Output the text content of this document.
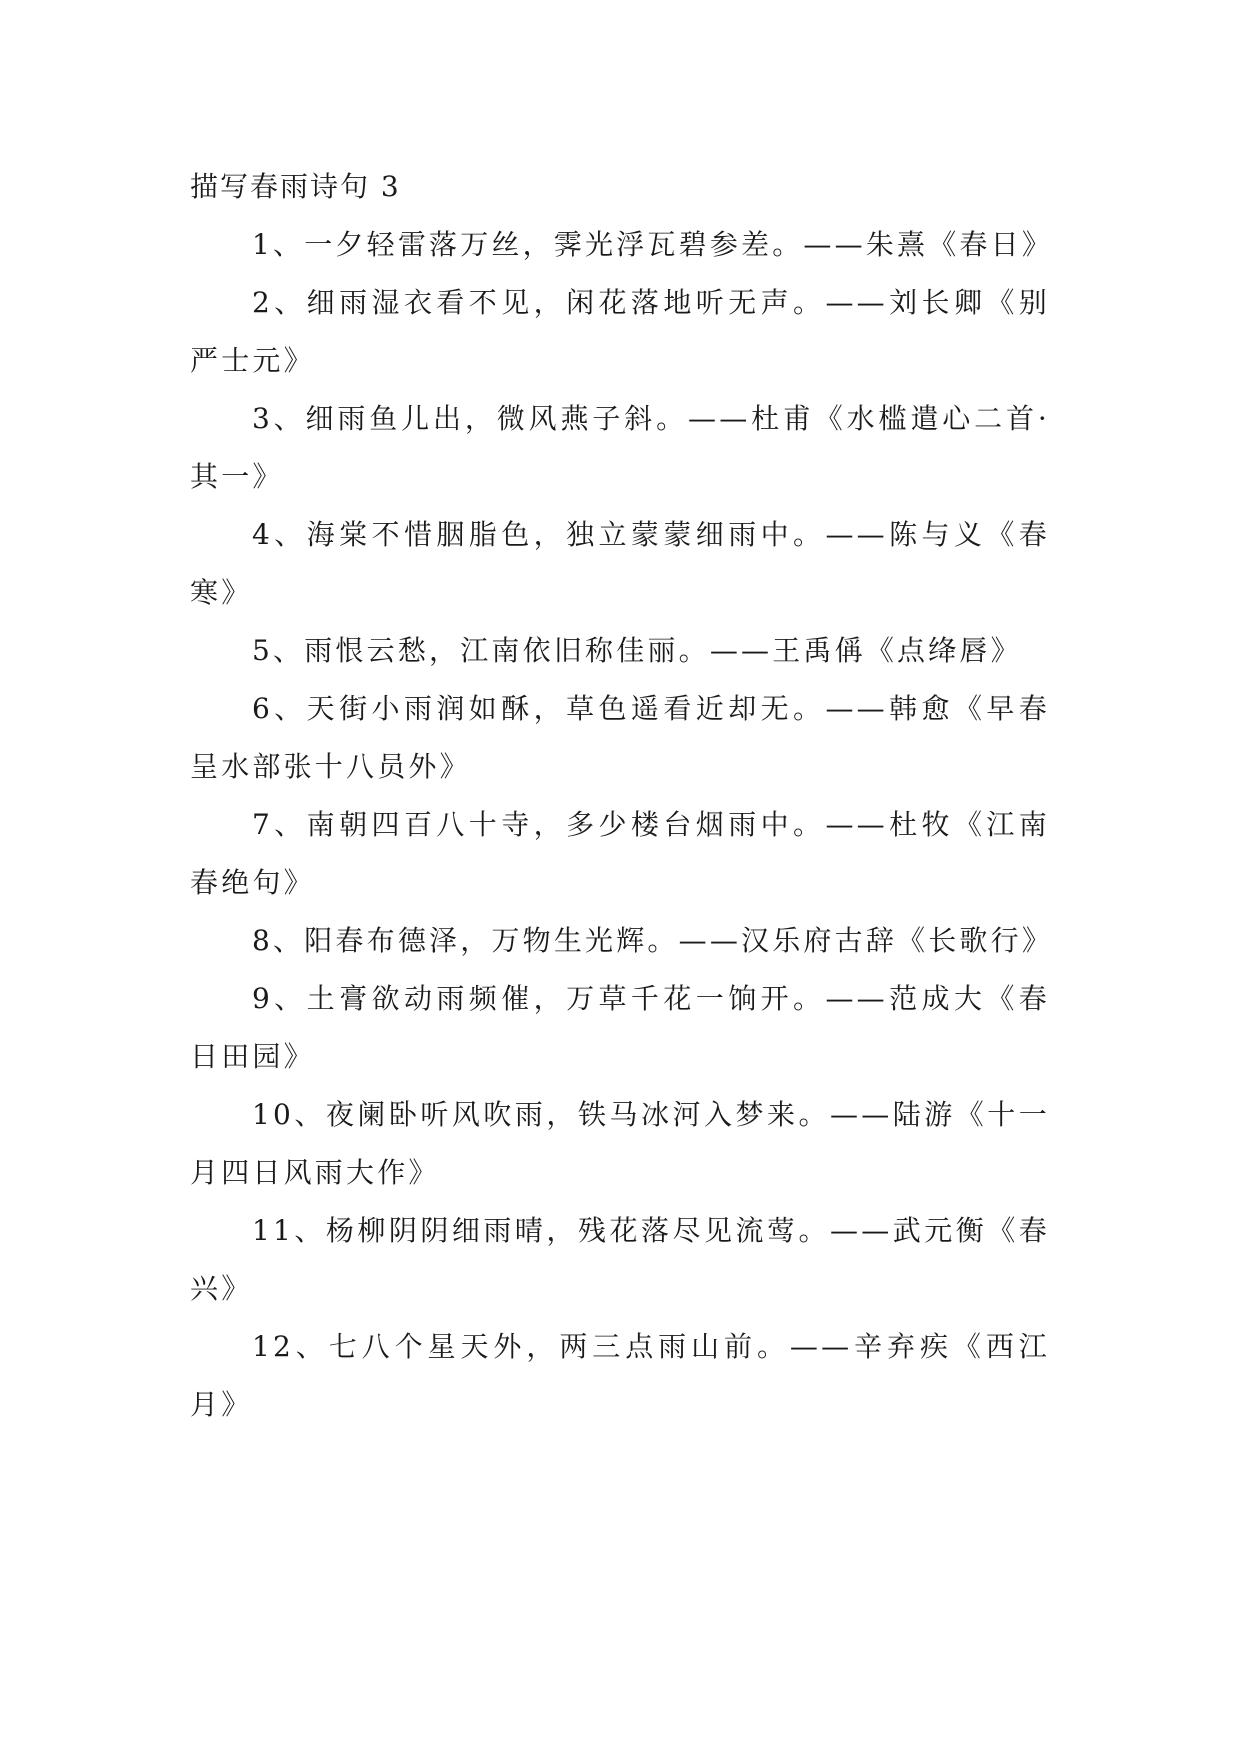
描写春雨诗句 3
1、一夕轻雷落万丝，霁光浮瓦碧参差。——朱熹《春日》
2、细雨湿衣看不见，闲花落地听无声。——刘长卿《别严士元》
3、细雨鱼儿出，微风燕子斜。——杜甫《水槛遣心二首·其一》
4、海棠不惜胭脂色，独立蒙蒙细雨中。——陈与义《春寒》
5、雨恨云愁，江南依旧称佳丽。——王禹偁《点绛唇》
6、天街小雨润如酥，草色遥看近却无。——韩愈《早春呈水部张十八员外》
7、南朝四百八十寺，多少楼台烟雨中。——杜牧《江南春绝句》
8、阳春布德泽，万物生光辉。——汉乐府古辞《长歌行》
9、土膏欲动雨频催，万草千花一饷开。——范成大《春日田园》
10、夜阑卧听风吹雨，铁马冰河入梦来。——陆游《十一月四日风雨大作》
11、杨柳阴阴细雨晴，残花落尽见流莺。——武元衡《春兴》
12、七八个星天外，两三点雨山前。——辛弃疾《西江月》
